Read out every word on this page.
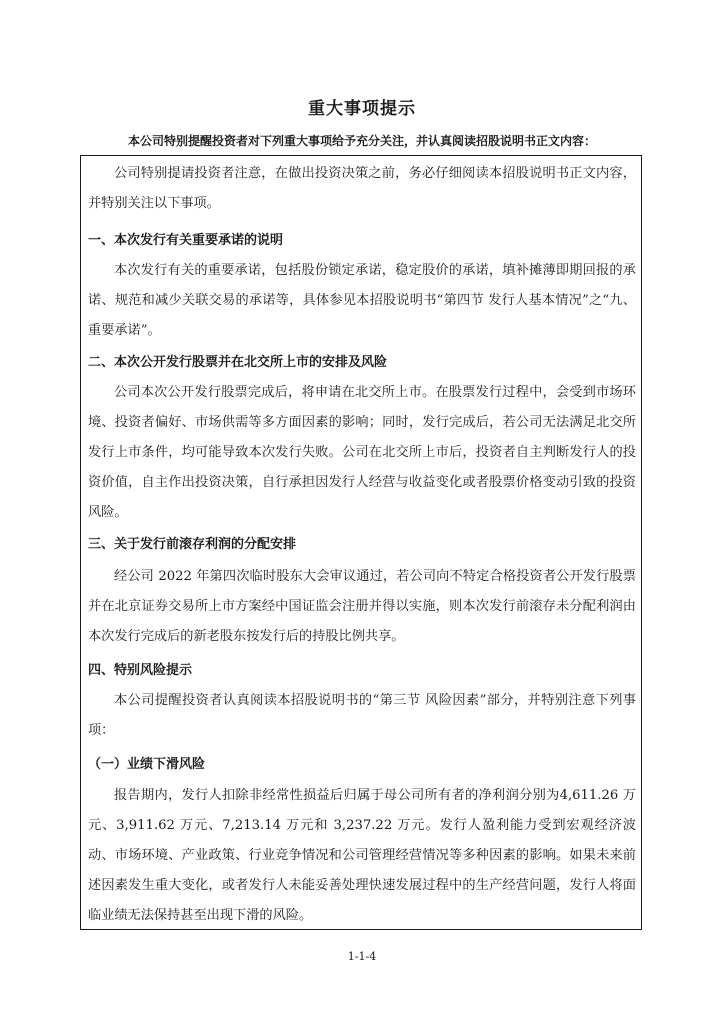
重大事项提示
本公司特别提醒投资者对下列重大事项给予充分关注，并认真阅读招股说明书正文内容：
公司特别提请投资者注意，在做出投资决策之前，务必仔细阅读本招股说明书正文内容，并特别关注以下事项。
一、本次发行有关重要承诺的说明
本次发行有关的重要承诺，包括股份锁定承诺，稳定股价的承诺，填补摊薄即期回报的承诺、规范和减少关联交易的承诺等，具体参见本招股说明书“第四节 发行人基本情况”之“九、重要承诺”。
二、本次公开发行股票并在北交所上市的安排及风险
公司本次公开发行股票完成后，将申请在北交所上市。在股票发行过程中，会受到市场环境、投资者偏好、市场供需等多方面因素的影响；同时，发行完成后，若公司无法满足北交所发行上市条件，均可能导致本次发行失败。公司在北交所上市后，投资者自主判断发行人的投资价值，自主作出投资决策，自行承担因发行人经营与收益变化或者股票价格变动引致的投资风险。
三、关于发行前滚存利润的分配安排
经公司 2022 年第四次临时股东大会审议通过，若公司向不特定合格投资者公开发行股票并在北京证券交易所上市方案经中国证监会注册并得以实施，则本次发行前滚存未分配利润由本次发行完成后的新老股东按发行后的持股比例共享。
四、特别风险提示
本公司提醒投资者认真阅读本招股说明书的“第三节 风险因素”部分，并特别注意下列事项：
（一）业绩下滑风险
报告期内，发行人扣除非经常性损益后归属于母公司所有者的净利润分别为4,611.26 万元、3,911.62 万元、7,213.14 万元和 3,237.22 万元。发行人盈利能力受到宏观经济波动、市场环境、产业政策、行业竞争情况和公司管理经营情况等多种因素的影响。如果未来前述因素发生重大变化，或者发行人未能妥善处理快速发展过程中的生产经营问题，发行人将面临业绩无法保持甚至出现下滑的风险。
1-1-4
